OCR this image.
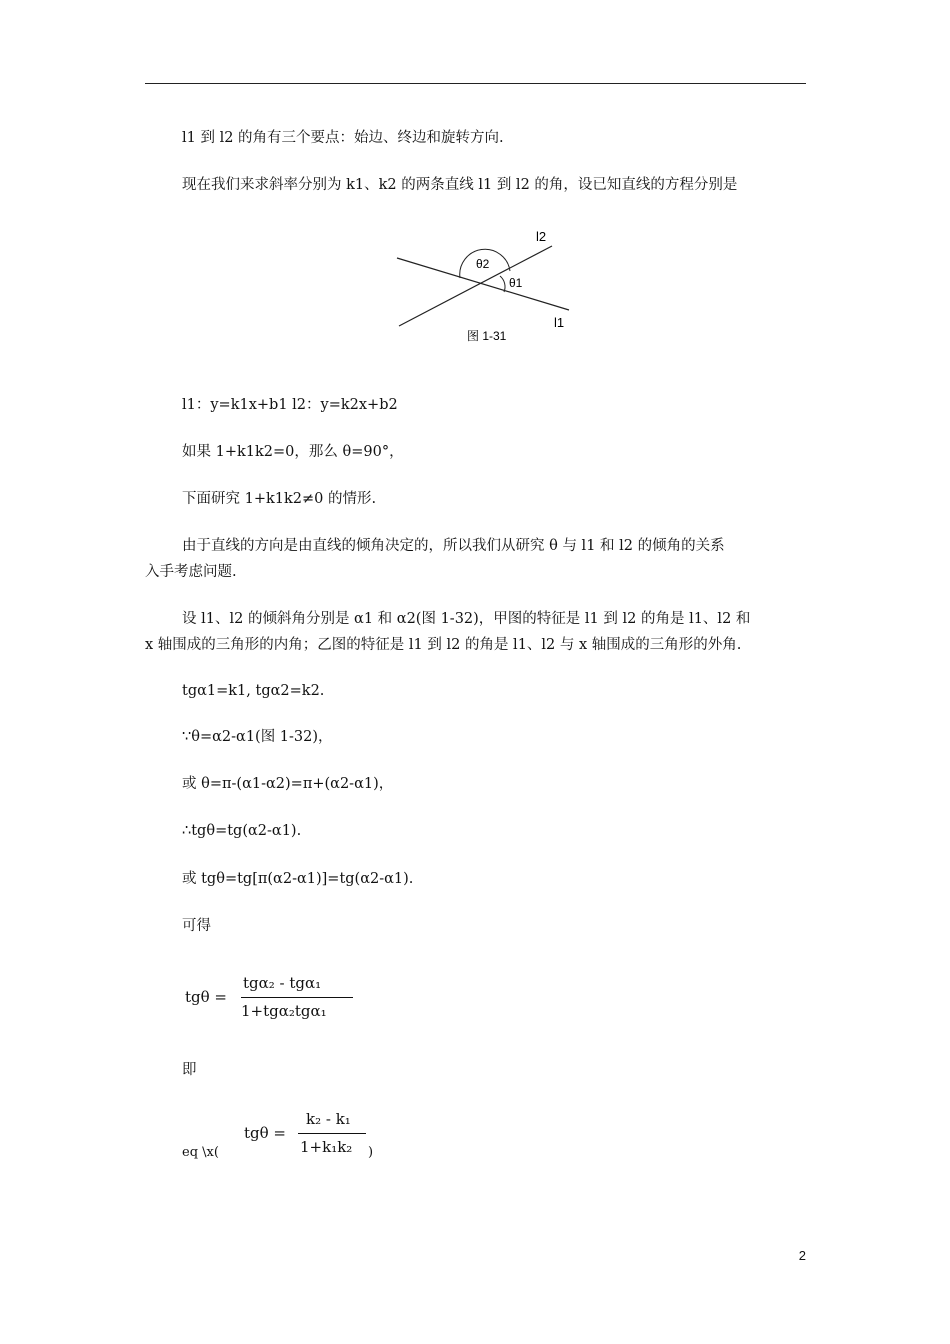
l1 到 l2 的角有三个要点：始边、终边和旋转方向.
现在我们来求斜率分别为 k1、k2 的两条直线 l1 到 l2 的角，设已知直线的方程分别是
l2
l1
θ2
θ1
图 1-31
l1：y=k1x+b1 l2：y=k2x+b2
如果 1+k1k2=0，那么 θ=90°，
下面研究 1+k1k2≠0 的情形.
由于直线的方向是由直线的倾角决定的，所以我们从研究 θ 与 l1 和 l2 的倾角的关系
入手考虑问题.
设 l1、l2 的倾斜角分别是 α1 和 α2(图 1-32)，甲图的特征是 l1 到 l2 的角是 l1、l2 和
x 轴围成的三角形的内角；乙图的特征是 l1 到 l2 的角是 l1、l2 与 x 轴围成的三角形的外角.
tgα1=k1, tgα2=k2.
∵θ=α2-α1(图 1-32)，
或 θ=π-(α1-α2)=π+(α2-α1)，
∴tgθ=tg(α2-α1).
或 tgθ=tg[π(α2-α1)]=tg(α2-α1).
可得
tgθ =
tgα₂ - tgα₁
1+tgα₂tgα₁
即
eq \x(
tgθ =
k₂ - k₁
1+k₁k₂ )
2
